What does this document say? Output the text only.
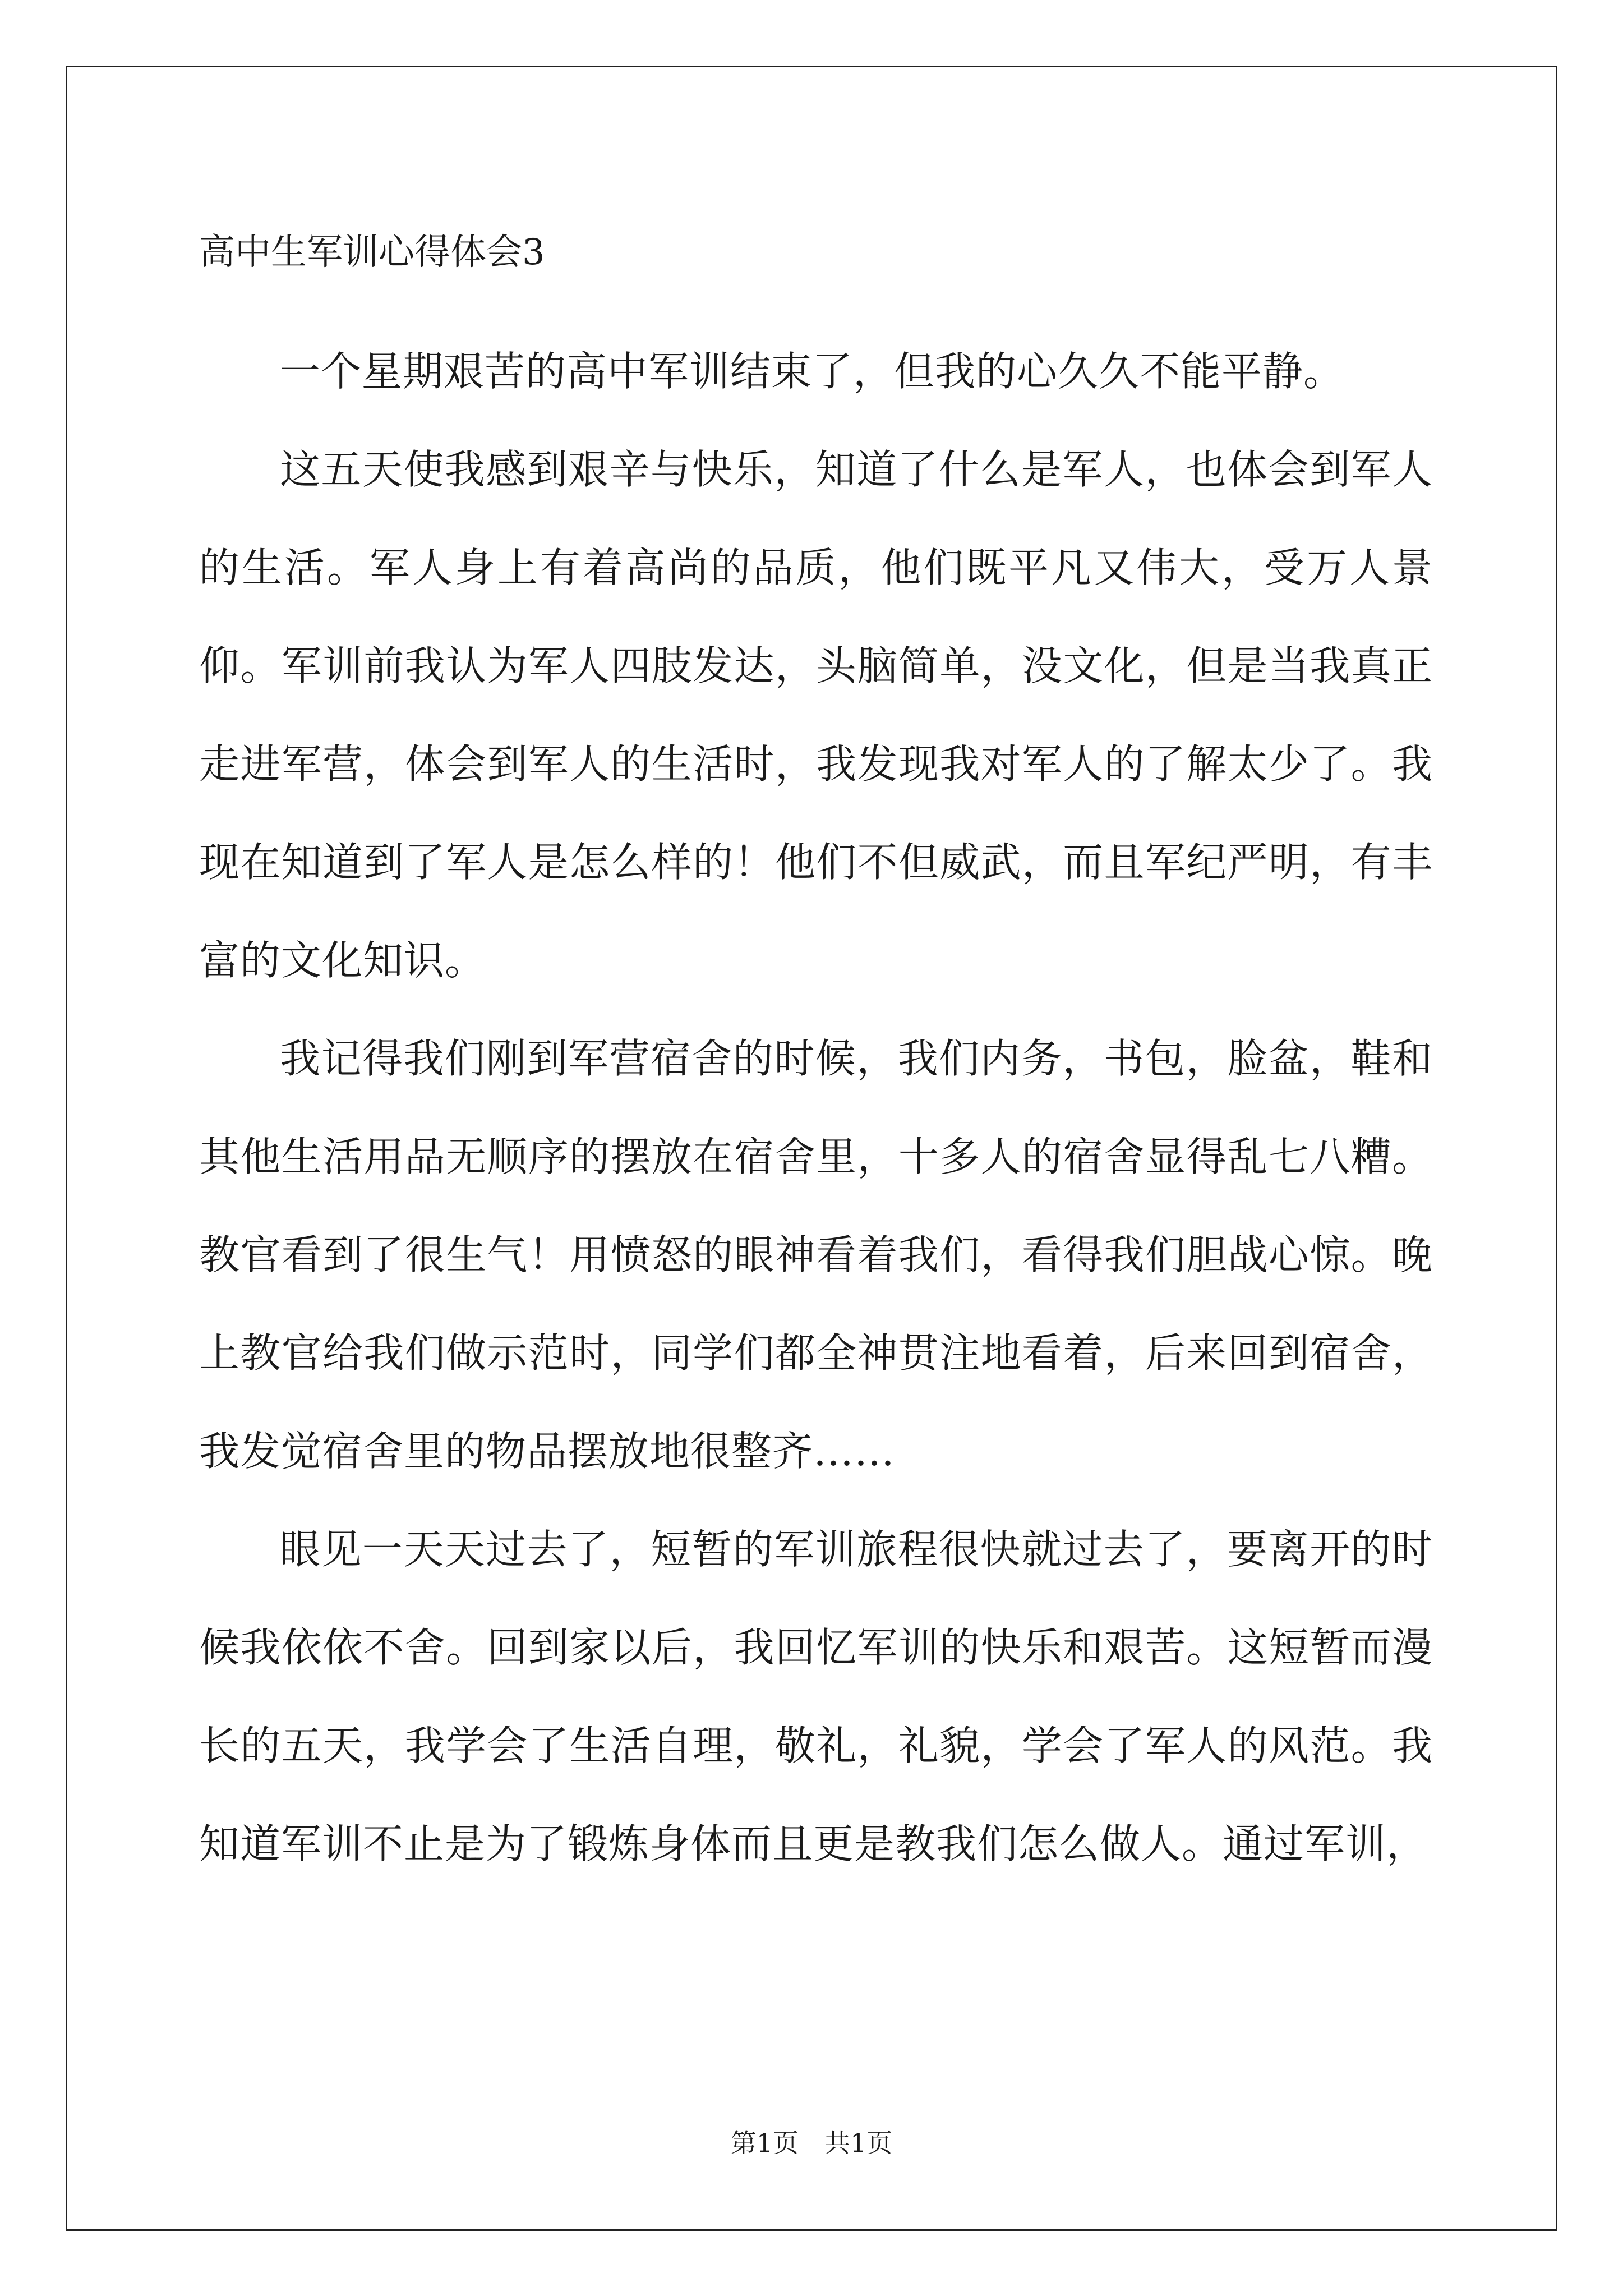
高中生军训心得体会3

一个星期艰苦的高中军训结束了，但我的心久久不能平静。

这五天使我感到艰辛与快乐，知道了什么是军人，也体会到军人的生活。军人身上有着高尚的品质，他们既平凡又伟大，受万人景仰。军训前我认为军人四肢发达，头脑简单，没文化，但是当我真正走进军营，体会到军人的生活时，我发现我对军人的了解太少了。我现在知道到了军人是怎么样的！他们不但威武，而且军纪严明，有丰富的文化知识。

我记得我们刚到军营宿舍的时候，我们内务，书包，脸盆，鞋和其他生活用品无顺序的摆放在宿舍里，十多人的宿舍显得乱七八糟。教官看到了很生气！用愤怒的眼神看着我们，看得我们胆战心惊。晚上教官给我们做示范时，同学们都全神贯注地看着，后来回到宿舍，我发觉宿舍里的物品摆放地很整齐……

眼见一天天过去了，短暂的军训旅程很快就过去了，要离开的时候我依依不舍。回到家以后，我回忆军训的快乐和艰苦。这短暂而漫长的五天，我学会了生活自理，敬礼，礼貌，学会了军人的风范。我知道军训不止是为了锻炼身体而且更是教我们怎么做人。通过军训，

第1页　共1页
